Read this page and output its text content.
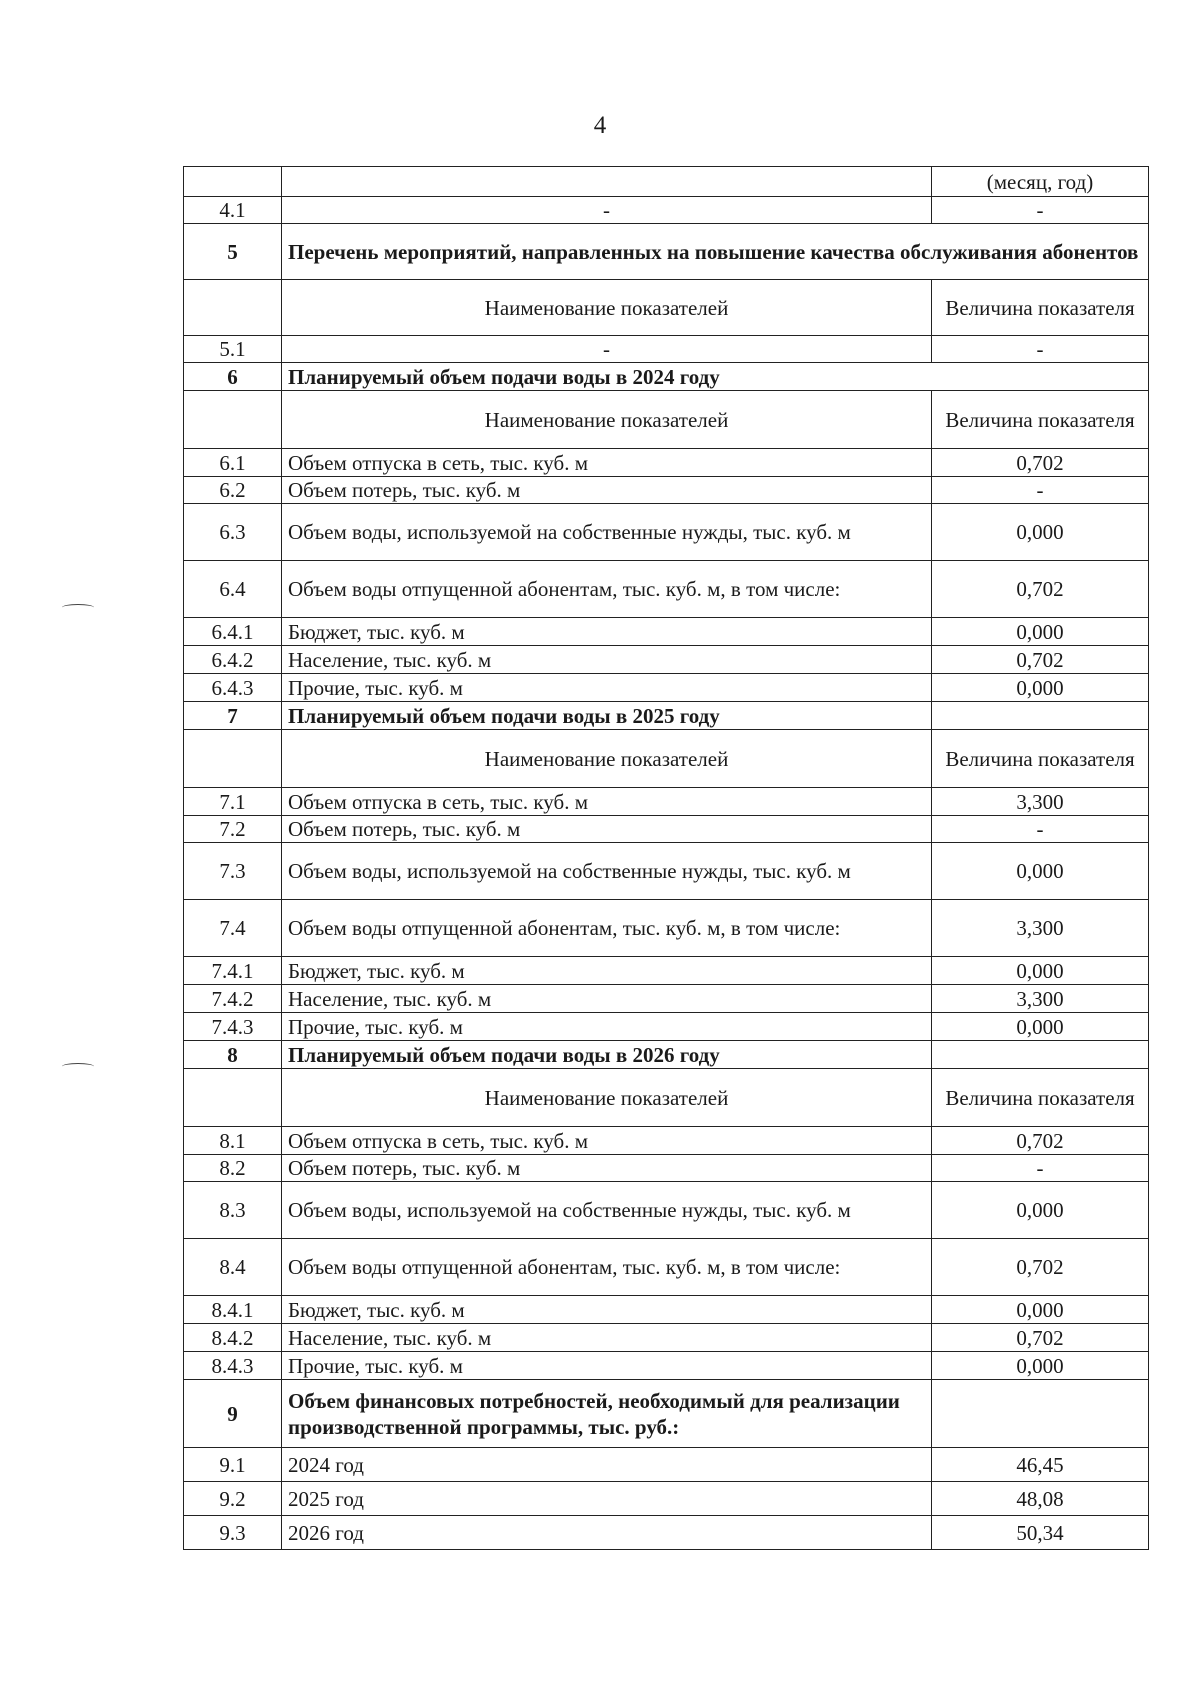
4
		(месяц, год)
4.1	-	-
5	Перечень мероприятий, направленных на повышение качества обслуживания абонентов	
	Наименование показателей	Величина показателя
5.1	-	-
6	Планируемый объем подачи воды в 2024 году	
	Наименование показателей	Величина показателя
6.1	Объем отпуска в сеть, тыс. куб. м	0,702
6.2	Объем потерь, тыс. куб. м	-
6.3	Объем воды, используемой на собственные нужды, тыс. куб. м	0,000
6.4	Объем воды отпущенной абонентам, тыс. куб. м, в том числе:	0,702
6.4.1	Бюджет, тыс. куб. м	0,000
6.4.2	Население, тыс. куб. м	0,702
6.4.3	Прочие, тыс. куб. м	0,000
7	Планируемый объем подачи воды в 2025 году	
	Наименование показателей	Величина показателя
7.1	Объем отпуска в сеть, тыс. куб. м	3,300
7.2	Объем потерь, тыс. куб. м	-
7.3	Объем воды, используемой на собственные нужды, тыс. куб. м	0,000
7.4	Объем воды отпущенной абонентам, тыс. куб. м, в том числе:	3,300
7.4.1	Бюджет, тыс. куб. м	0,000
7.4.2	Население, тыс. куб. м	3,300
7.4.3	Прочие, тыс. куб. м	0,000
8	Планируемый объем подачи воды в 2026 году	
	Наименование показателей	Величина показателя
8.1	Объем отпуска в сеть, тыс. куб. м	0,702
8.2	Объем потерь, тыс. куб. м	-
8.3	Объем воды, используемой на собственные нужды, тыс. куб. м	0,000
8.4	Объем воды отпущенной абонентам, тыс. куб. м, в том числе:	0,702
8.4.1	Бюджет, тыс. куб. м	0,000
8.4.2	Население, тыс. куб. м	0,702
8.4.3	Прочие, тыс. куб. м	0,000
9	Объем финансовых потребностей, необходимый для реализации производственной программы, тыс. руб.:	
9.1	2024 год	46,45
9.2	2025 год	48,08
9.3	2026 год	50,34
